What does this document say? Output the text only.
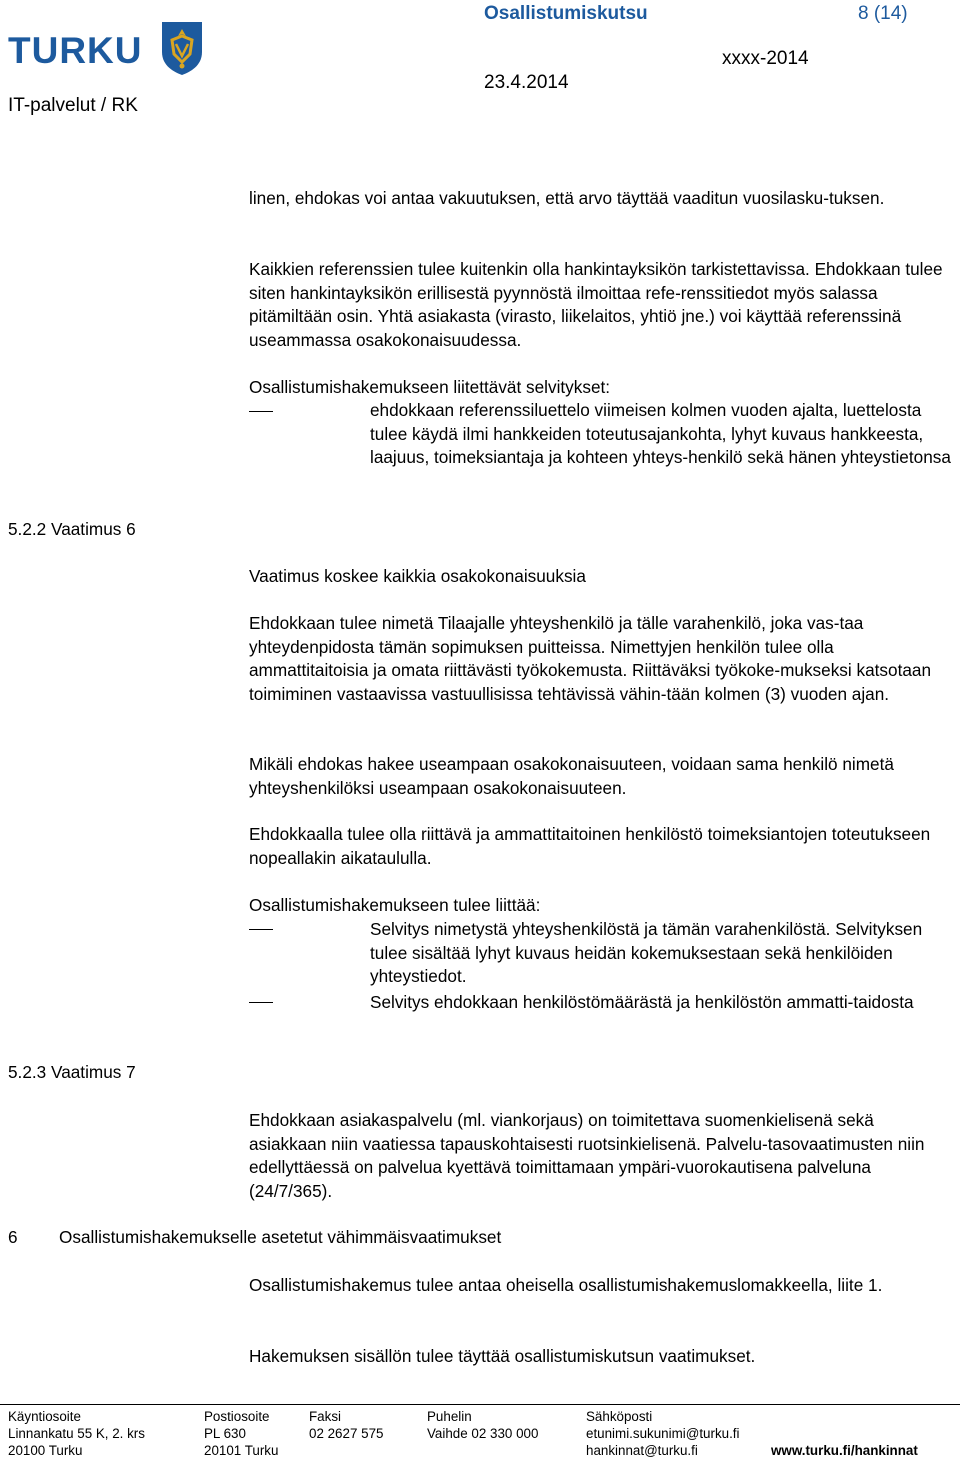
TURKU
Osallistumiskutsu	8 (14)
xxxx-2014
23.4.2014
IT-palvelut / RK

linen, ehdokas voi antaa vakuutuksen, että arvo täyttää vaaditun vuosilasku-tuksen.

Kaikkien referenssien tulee kuitenkin olla hankintayksikön tarkistettavissa. Ehdokkaan tulee siten hankintayksikön erillisestä pyynnöstä ilmoittaa refe-renssitiedot myös salassa pitämiltään osin. Yhtä asiakasta (virasto, liikelaitos, yhtiö jne.) voi käyttää referenssinä useammassa osakokonaisuudessa.

Osallistumishakemukseen liitettävät selvitykset:

ehdokkaan referenssiluettelo viimeisen kolmen vuoden ajalta, luettelosta tulee käydä ilmi hankkeiden toteutusajankohta, lyhyt kuvaus hankkeesta, laajuus, toimeksiantaja ja kohteen yhteys-henkilö sekä hänen yhteystietonsa
5.2.2 Vaatimus 6

Vaatimus koskee kaikkia osakokonaisuuksia

Ehdokkaan tulee nimetä Tilaajalle yhteyshenkilö ja tälle varahenkilö, joka vas-taa yhteydenpidosta tämän sopimuksen puitteissa. Nimettyjen henkilön tulee olla ammattitaitoisia ja omata riittävästi työkokemusta. Riittäväksi työkoke-mukseksi katsotaan toimiminen vastaavissa vastuullisissa tehtävissä vähin-tään kolmen (3) vuoden ajan.

Mikäli ehdokas hakee useampaan osakokonaisuuteen, voidaan sama henkilö nimetä yhteyshenkilöksi useampaan osakokonaisuuteen.

Ehdokkaalla tulee olla riittävä ja ammattitaitoinen henkilöstö toimeksiantojen toteutukseen nopeallakin aikataululla.

Osallistumishakemukseen tulee liittää:

Selvitys nimetystä yhteyshenkilöstä ja tämän varahenkilöstä. Selvityksen tulee sisältää lyhyt kuvaus heidän kokemuksestaan sekä henkilöiden yhteystiedot.
Selvitys ehdokkaan henkilöstömäärästä ja henkilöstön ammatti-taidosta
5.2.3 Vaatimus 7

Ehdokkaan asiakaspalvelu (ml. viankorjaus) on toimitettava suomenkielisenä sekä asiakkaan niin vaatiessa tapauskohtaisesti ruotsinkielisenä. Palvelu-tasovaatimusten niin edellyttäessä on palvelua kyettävä toimittamaan ympäri-vuorokautisena palveluna (24/7/365).

6 Osallistumishakemukselle asetetut vähimmäisvaatimukset

Osallistumishakemus tulee antaa oheisella osallistumishakemuslomakkeella, liite 1.

Hakemuksen sisällön tulee täyttää osallistumiskutsun vaatimukset.

Käyntiosoite
Linnankatu 55 K, 2. krs
20100 Turku
Postiosoite
PL 630
20101 Turku
Faksi
02 2627 575
Puhelin
Vaihde 02 330 000
Sähköposti
etunimi.sukunimi@turku.fi
hankinnat@turku.fi	www.turku.fi/hankinnat
